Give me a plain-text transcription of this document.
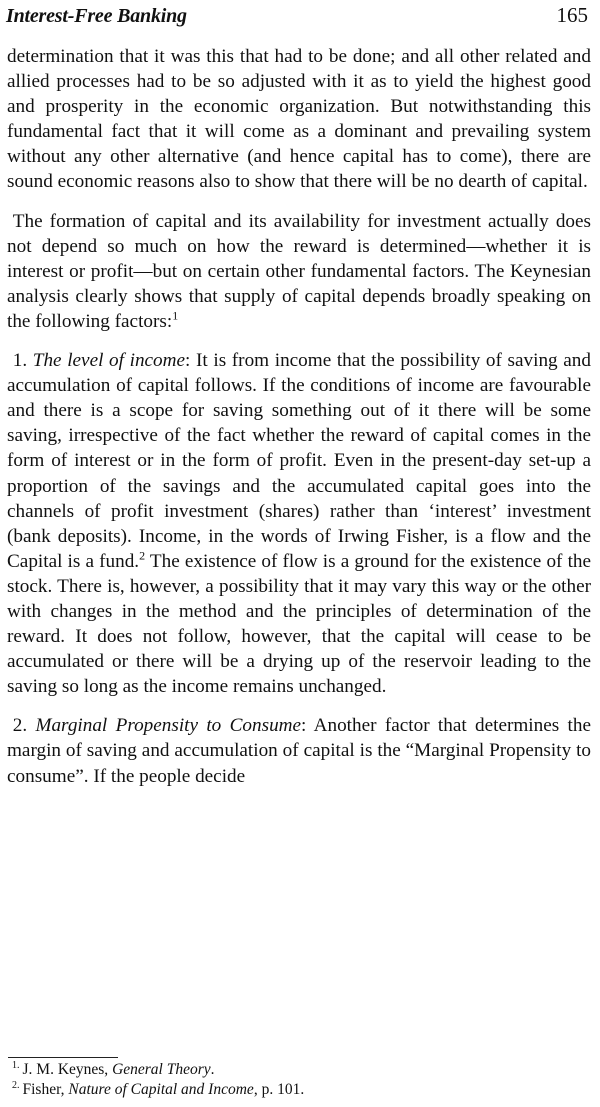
Interest-Free Banking	165

determination that it was this that had to be done; and all other related and allied processes had to be so adjusted with it as to yield the highest good and prosperity in the economic organization. But notwithstanding this fundamental fact that it will come as a dominant and prevailing system without any other alternative (and hence capital has to come), there are sound economic reasons also to show that there will be no dearth of capital.

The formation of capital and its availability for investment actually does not depend so much on how the reward is determined—whether it is interest or profit—but on certain other fundamental factors. The Keynesian analysis clearly shows that supply of capital depends broadly speaking on the following factors:$^1$

1. The level of income: It is from income that the possibility of saving and accumulation of capital follows. If the conditions of income are favourable and there is a scope for saving something out of it there will be some saving, irrespective of the fact whether the reward of capital comes in the form of interest or in the form of profit. Even in the present-day set-up a proportion of the savings and the accumulated capital goes into the channels of profit investment (shares) rather than ‘interest’ investment (bank deposits). Income, in the words of Irwing Fisher, is a flow and the Capital is a fund.$^2$ The existence of flow is a ground for the existence of the stock. There is, however, a possibility that it may vary this way or the other with changes in the method and the principles of determination of the reward. It does not follow, however, that the capital will cease to be accumulated or there will be a drying up of the reservoir leading to the saving so long as the income remains unchanged.

2. Marginal Propensity to Consume: Another factor that determines the margin of saving and accumulation of capital is the “Marginal Propensity to consume”. If the people decide

$^{1.}$ J. M. Keynes, General Theory.

$^{2.}$ Fisher, Nature of Capital and Income, p. 101.
